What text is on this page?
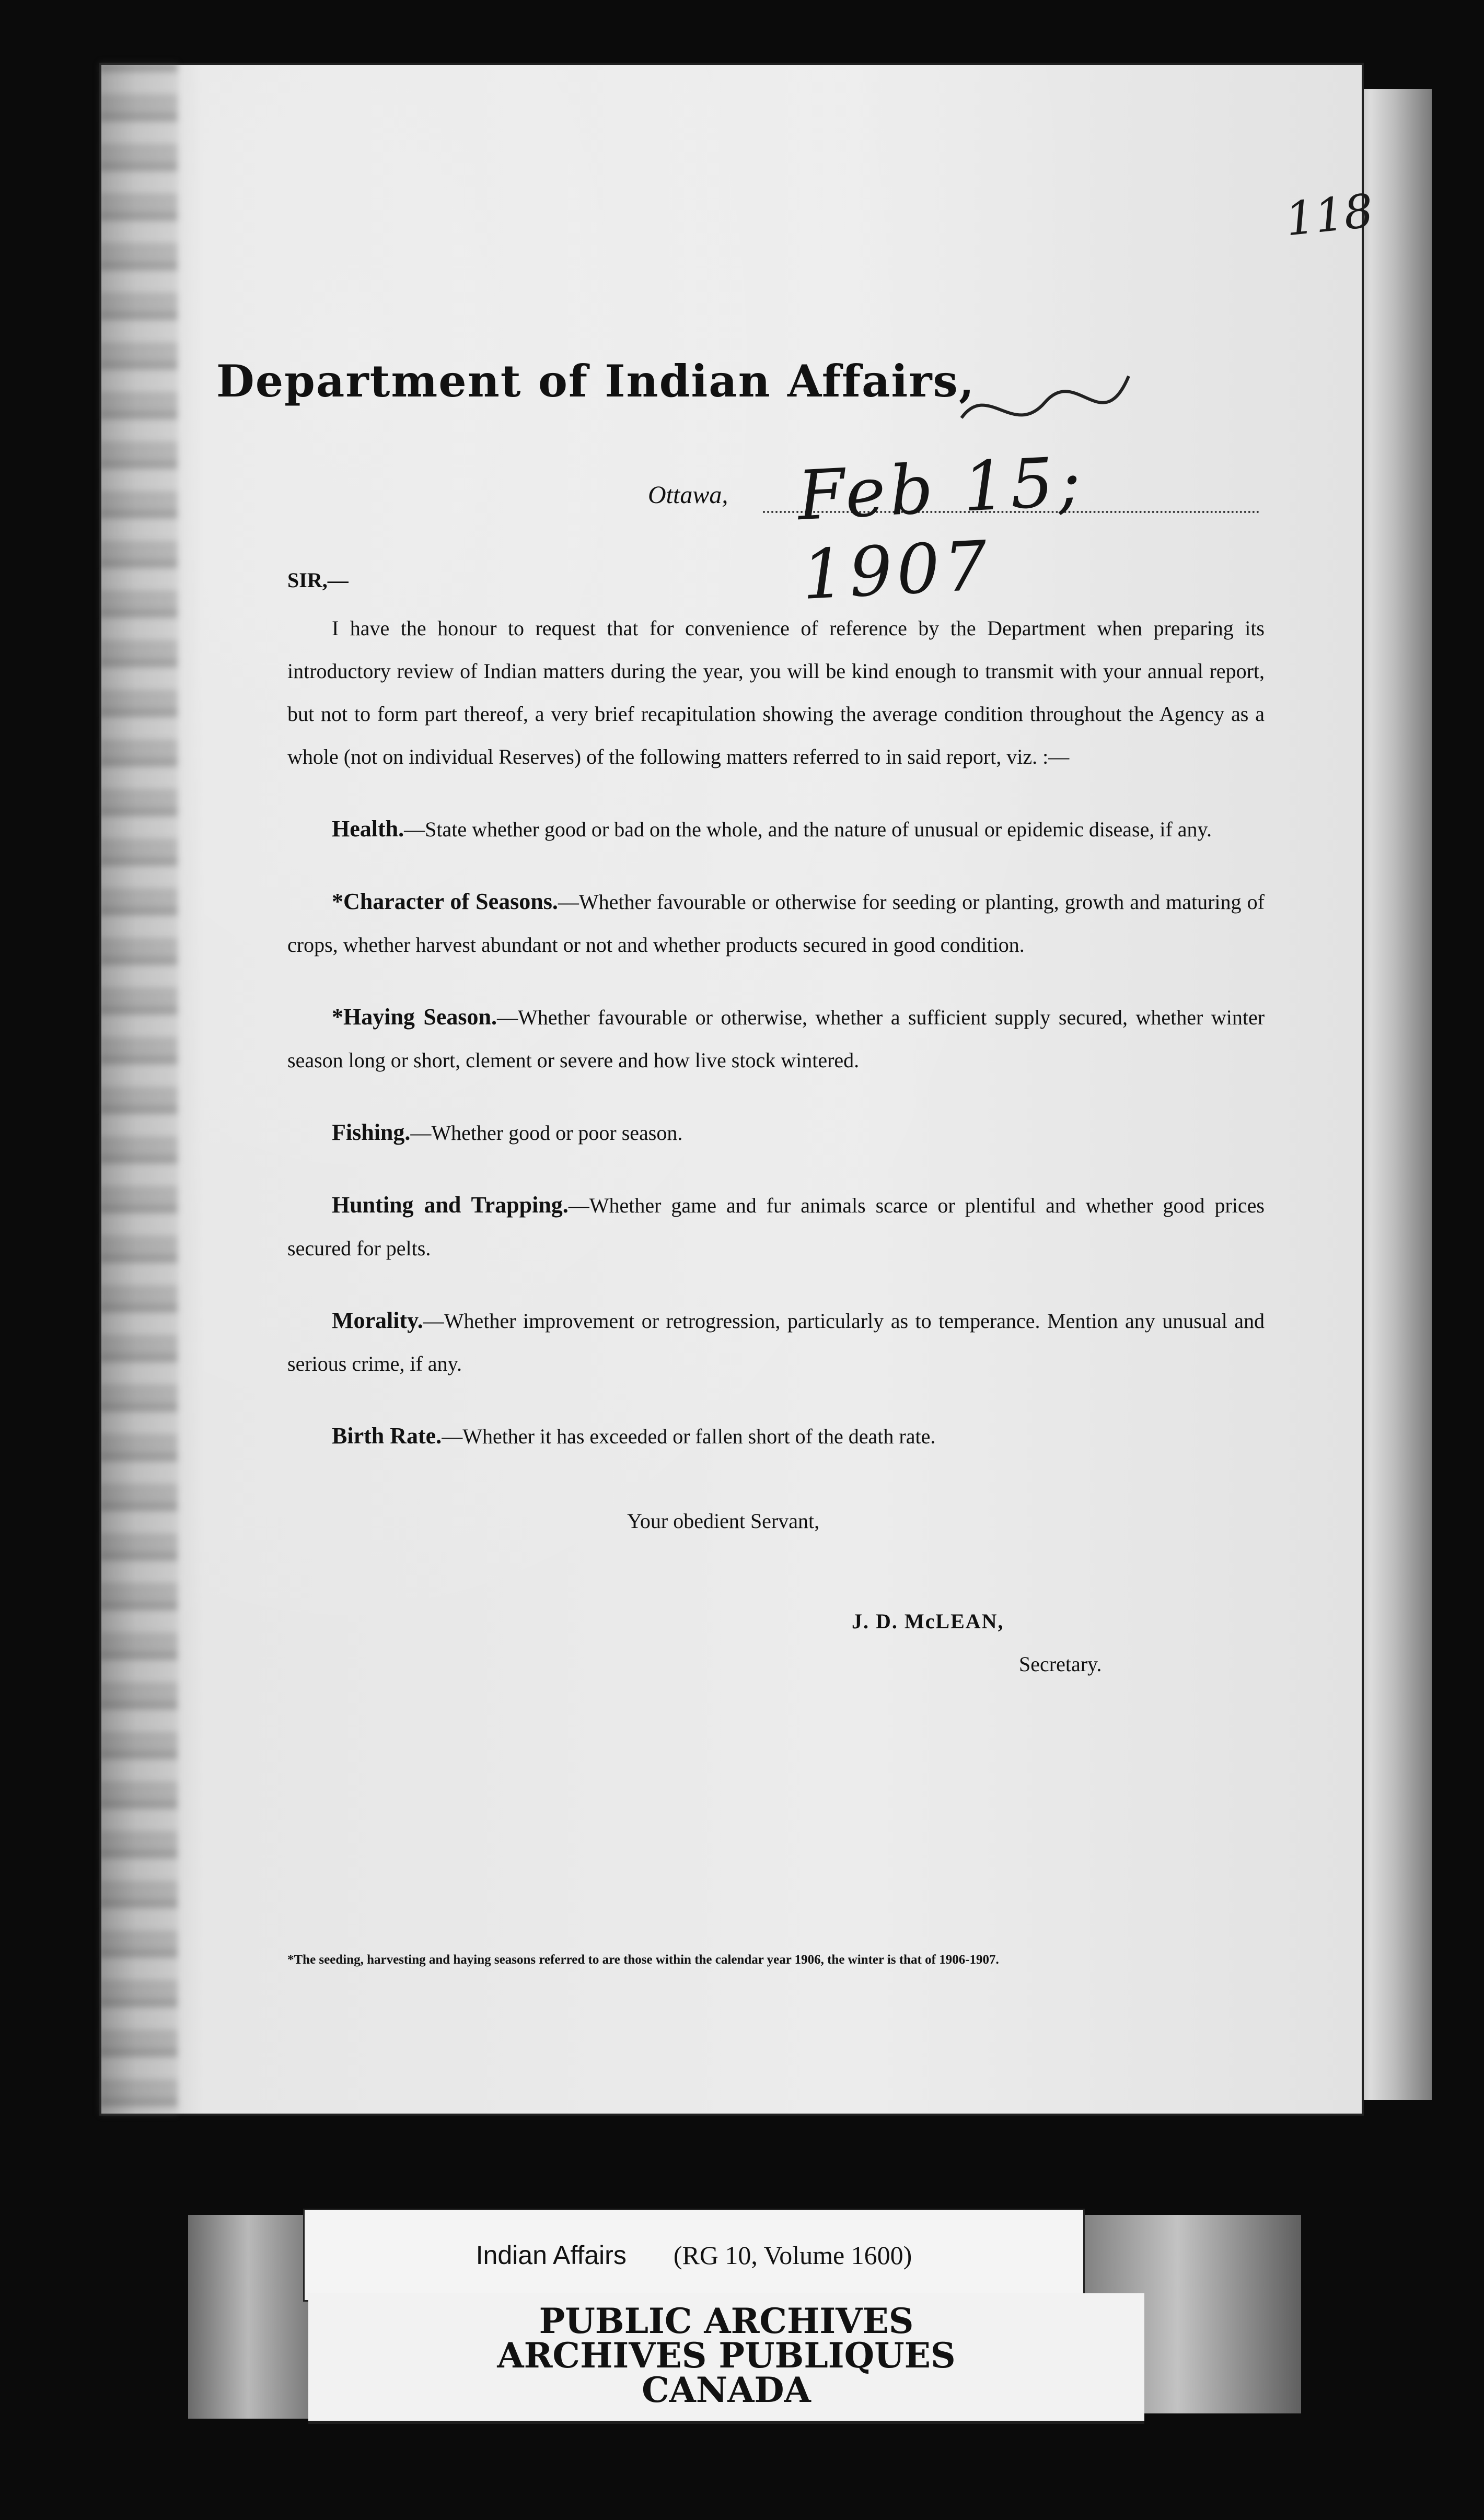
118
Department of Indian Affairs,
Ottawa, Feb 15; 1907

SIR,—

I have the honour to request that for convenience of reference by the Department when preparing its introductory review of Indian matters during the year, you will be kind enough to transmit with your annual report, but not to form part thereof, a very brief recapitulation showing the average condition throughout the Agency as a whole (not on individual Reserves) of the following matters referred to in said report, viz. :—

Health.—State whether good or bad on the whole, and the nature of unusual or epidemic disease, if any.

*Character of Seasons.—Whether favourable or otherwise for seeding or planting, growth and maturing of crops, whether harvest abundant or not and whether products secured in good condition.

*Haying Season.—Whether favourable or otherwise, whether a sufficient supply secured, whether winter season long or short, clement or severe and how live stock wintered.

Fishing.—Whether good or poor season.

Hunting and Trapping.—Whether game and fur animals scarce or plentiful and whether good prices secured for pelts.

Morality.—Whether improvement or retrogression, particularly as to temperance. Mention any unusual and serious crime, if any.

Birth Rate.—Whether it has exceeded or fallen short of the death rate.

Your obedient Servant,
J. D. McLEAN,
Secretary.
*The seeding, harvesting and haying seasons referred to are those within the calendar year 1906, the winter is that of 1906-1907.
Indian Affairs (RG 10, Volume 1600)
PUBLIC ARCHIVES
ARCHIVES PUBLIQUES
CANADA
